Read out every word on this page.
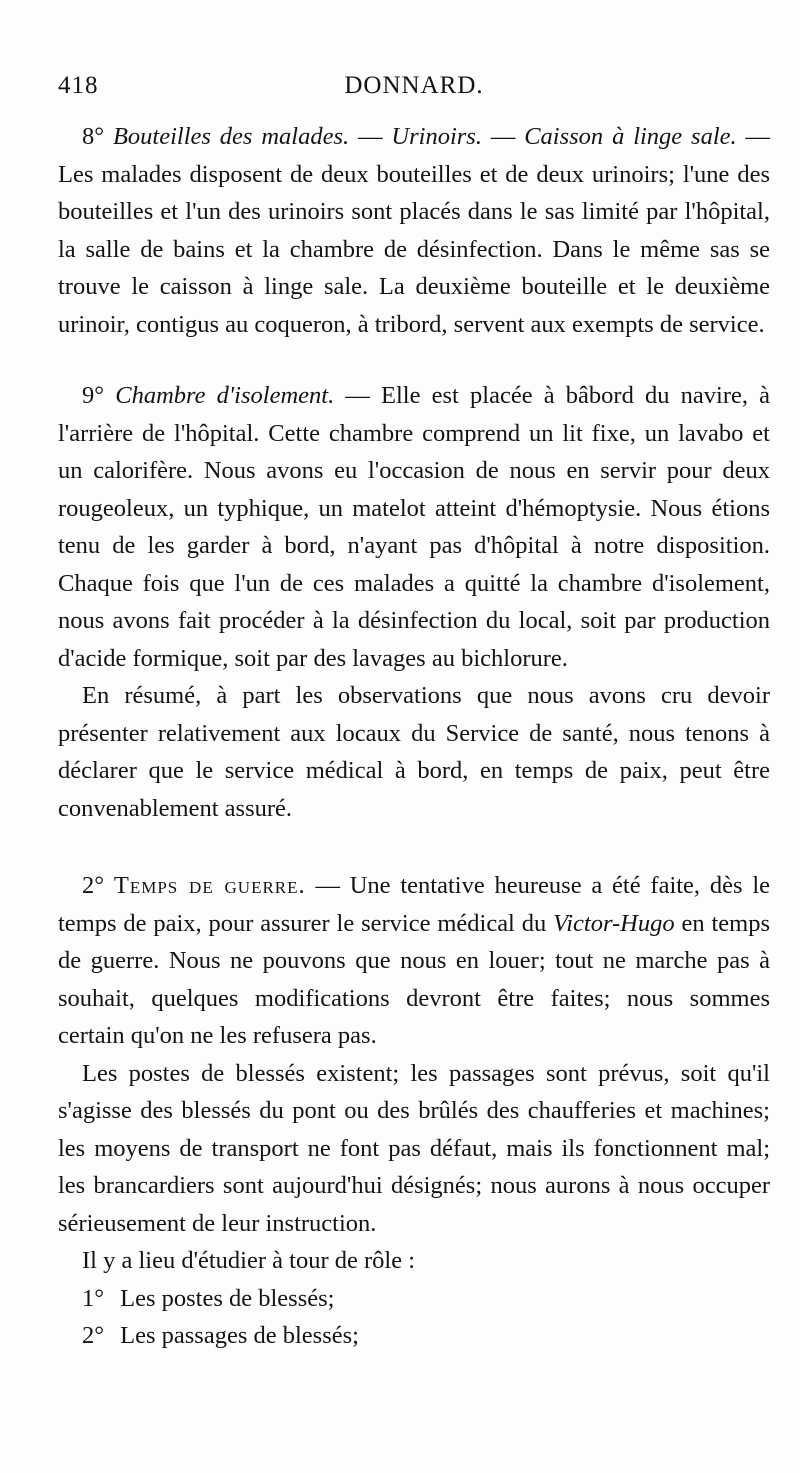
418	DONNARD.

8° Bouteilles des malades. — Urinoirs. — Caisson à linge sale. — Les malades disposent de deux bouteilles et de deux urinoirs; l'une des bouteilles et l'un des urinoirs sont placés dans le sas limité par l'hôpital, la salle de bains et la chambre de désinfection. Dans le même sas se trouve le caisson à linge sale. La deuxième bouteille et le deuxième urinoir, contigus au coqueron, à tribord, servent aux exempts de service.

9° Chambre d'isolement. — Elle est placée à bâbord du navire, à l'arrière de l'hôpital. Cette chambre comprend un lit fixe, un lavabo et un calorifère. Nous avons eu l'occasion de nous en servir pour deux rougeoleux, un typhique, un matelot atteint d'hémoptysie. Nous étions tenu de les garder à bord, n'ayant pas d'hôpital à notre disposition. Chaque fois que l'un de ces malades a quitté la chambre d'isolement, nous avons fait procéder à la désinfection du local, soit par production d'acide formique, soit par des lavages au bichlorure.

En résumé, à part les observations que nous avons cru devoir présenter relativement aux locaux du Service de santé, nous tenons à déclarer que le service médical à bord, en temps de paix, peut être convenablement assuré.

2° Temps de guerre. — Une tentative heureuse a été faite, dès le temps de paix, pour assurer le service médical du Victor-Hugo en temps de guerre. Nous ne pouvons que nous en louer; tout ne marche pas à souhait, quelques modifications devront être faites; nous sommes certain qu'on ne les refusera pas.

Les postes de blessés existent; les passages sont prévus, soit qu'il s'agisse des blessés du pont ou des brûlés des chaufferies et machines; les moyens de transport ne font pas défaut, mais ils fonctionnent mal; les brancardiers sont aujourd'hui désignés; nous aurons à nous occuper sérieusement de leur instruction.

Il y a lieu d'étudier à tour de rôle :

1° Les postes de blessés;

2° Les passages de blessés;
